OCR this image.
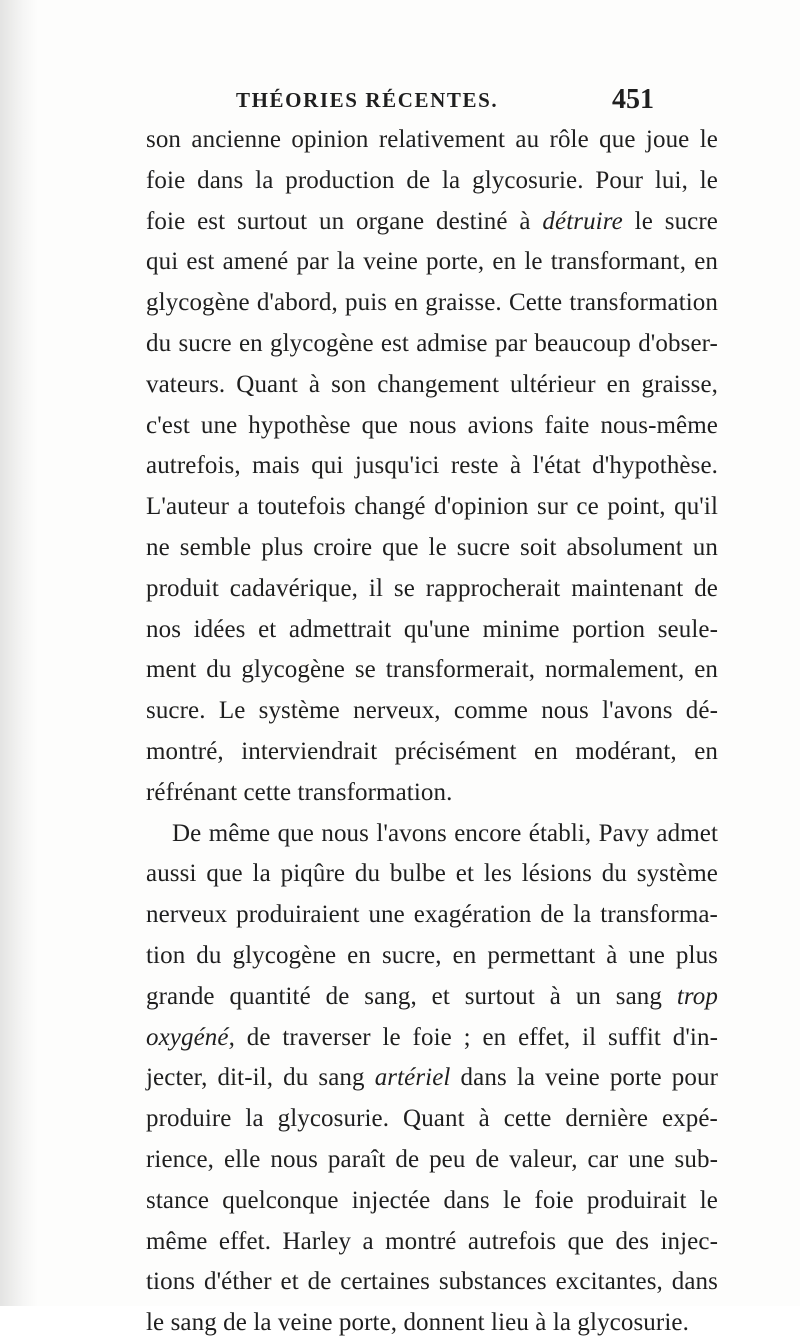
THÉORIES RÉCENTES.	451
son ancienne opinion relativement au rôle que joue le
foie dans la production de la glycosurie. Pour lui, le
foie est surtout un organe destiné à détruire le sucre
qui est amené par la veine porte, en le transformant, en
glycogène d'abord, puis en graisse. Cette transformation
du sucre en glycogène est admise par beaucoup d'obser-
vateurs. Quant à son changement ultérieur en graisse,
c'est une hypothèse que nous avions faite nous-même
autrefois, mais qui jusqu'ici reste à l'état d'hypothèse.
L'auteur a toutefois changé d'opinion sur ce point, qu'il
ne semble plus croire que le sucre soit absolument un
produit cadavérique, il se rapprocherait maintenant de
nos idées et admettrait qu'une minime portion seule-
ment du glycogène se transformerait, normalement, en
sucre. Le système nerveux, comme nous l'avons dé-
montré, interviendrait précisément en modérant, en
réfrénant cette transformation.
De même que nous l'avons encore établi, Pavy admet
aussi que la piqûre du bulbe et les lésions du système
nerveux produiraient une exagération de la transforma-
tion du glycogène en sucre, en permettant à une plus
grande quantité de sang, et surtout à un sang trop
oxygéné, de traverser le foie ; en effet, il suffit d'in-
jecter, dit-il, du sang artériel dans la veine porte pour
produire la glycosurie. Quant à cette dernière expé-
rience, elle nous paraît de peu de valeur, car une sub-
stance quelconque injectée dans le foie produirait le
même effet. Harley a montré autrefois que des injec-
tions d'éther et de certaines substances excitantes, dans
le sang de la veine porte, donnent lieu à la glycosurie.
